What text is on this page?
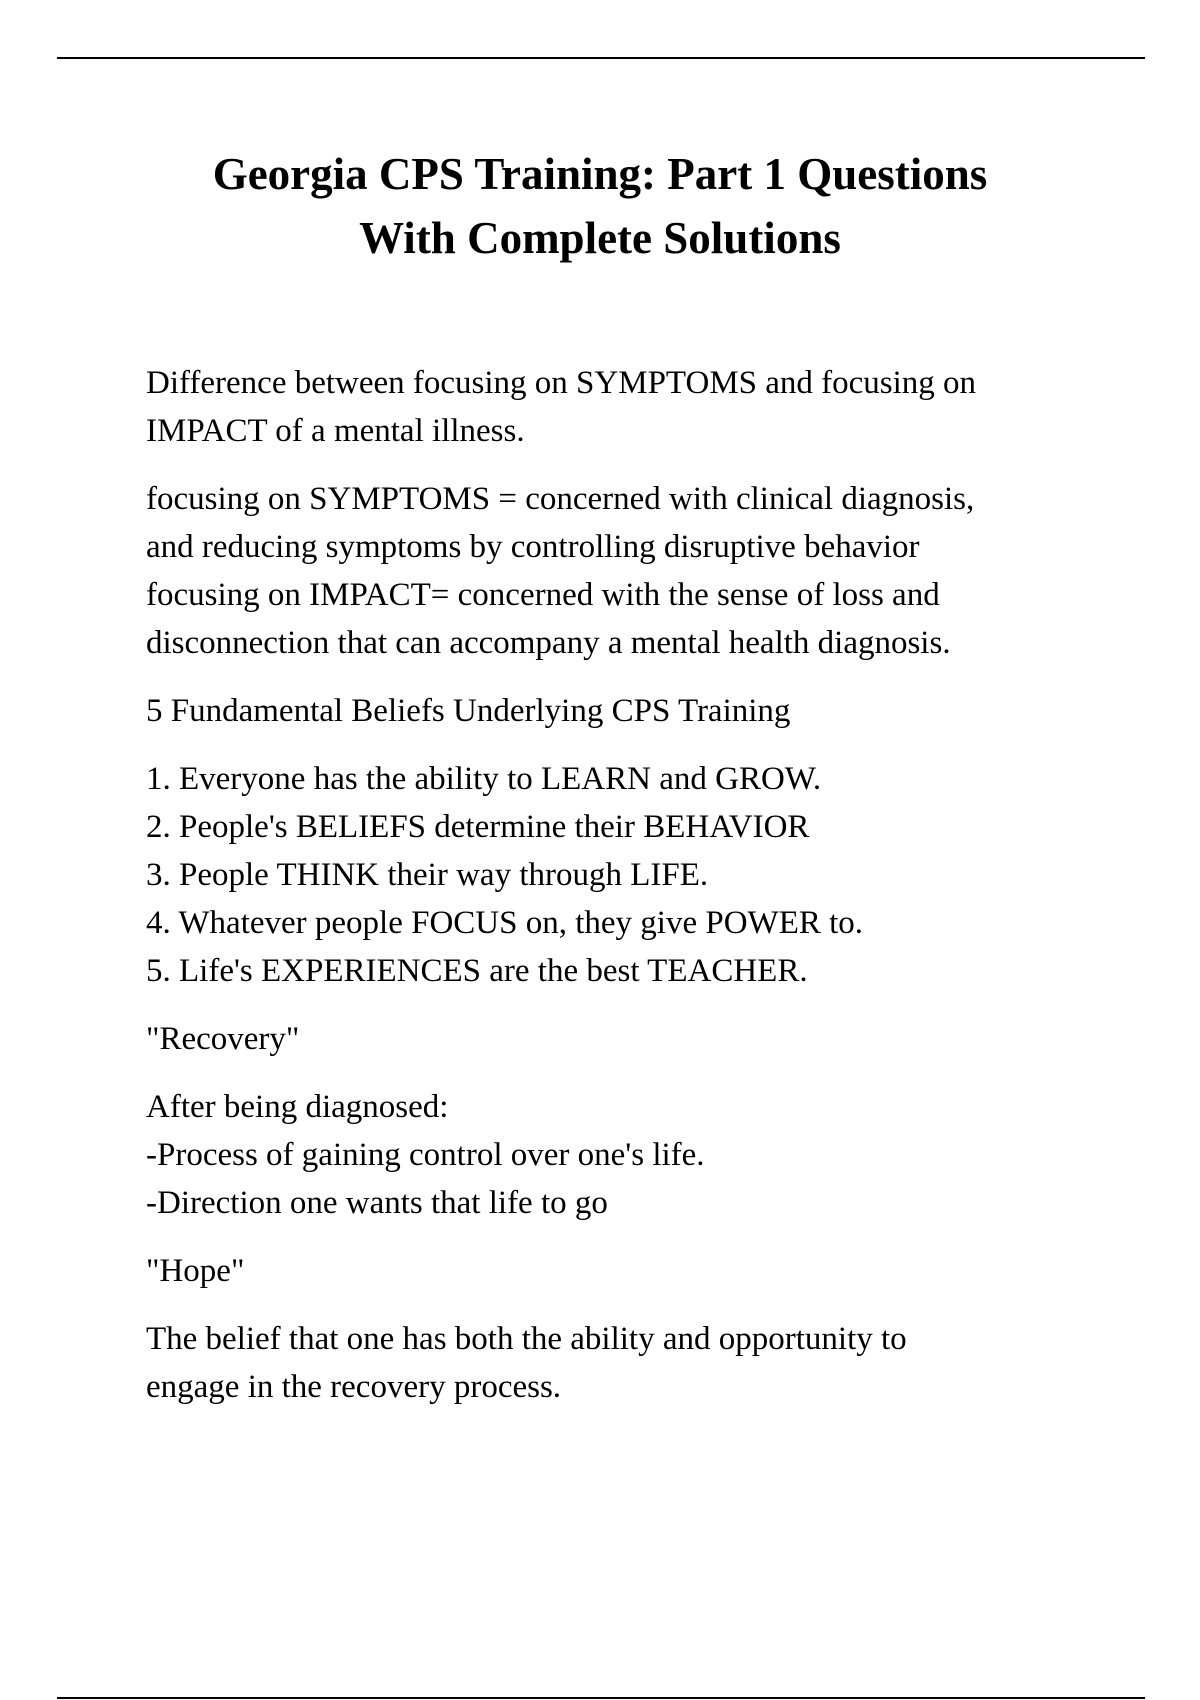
Georgia CPS Training: Part 1 Questions
With Complete Solutions

Difference between focusing on SYMPTOMS and focusing on
IMPACT of a mental illness.

focusing on SYMPTOMS = concerned with clinical diagnosis,
and reducing symptoms by controlling disruptive behavior
focusing on IMPACT= concerned with the sense of loss and
disconnection that can accompany a mental health diagnosis.

5 Fundamental Beliefs Underlying CPS Training

1. Everyone has the ability to LEARN and GROW.
2. People's BELIEFS determine their BEHAVIOR
3. People THINK their way through LIFE.
4. Whatever people FOCUS on, they give POWER to.
5. Life's EXPERIENCES are the best TEACHER.

"Recovery"

After being diagnosed:
-Process of gaining control over one's life.
-Direction one wants that life to go

"Hope"

The belief that one has both the ability and opportunity to
engage in the recovery process.
